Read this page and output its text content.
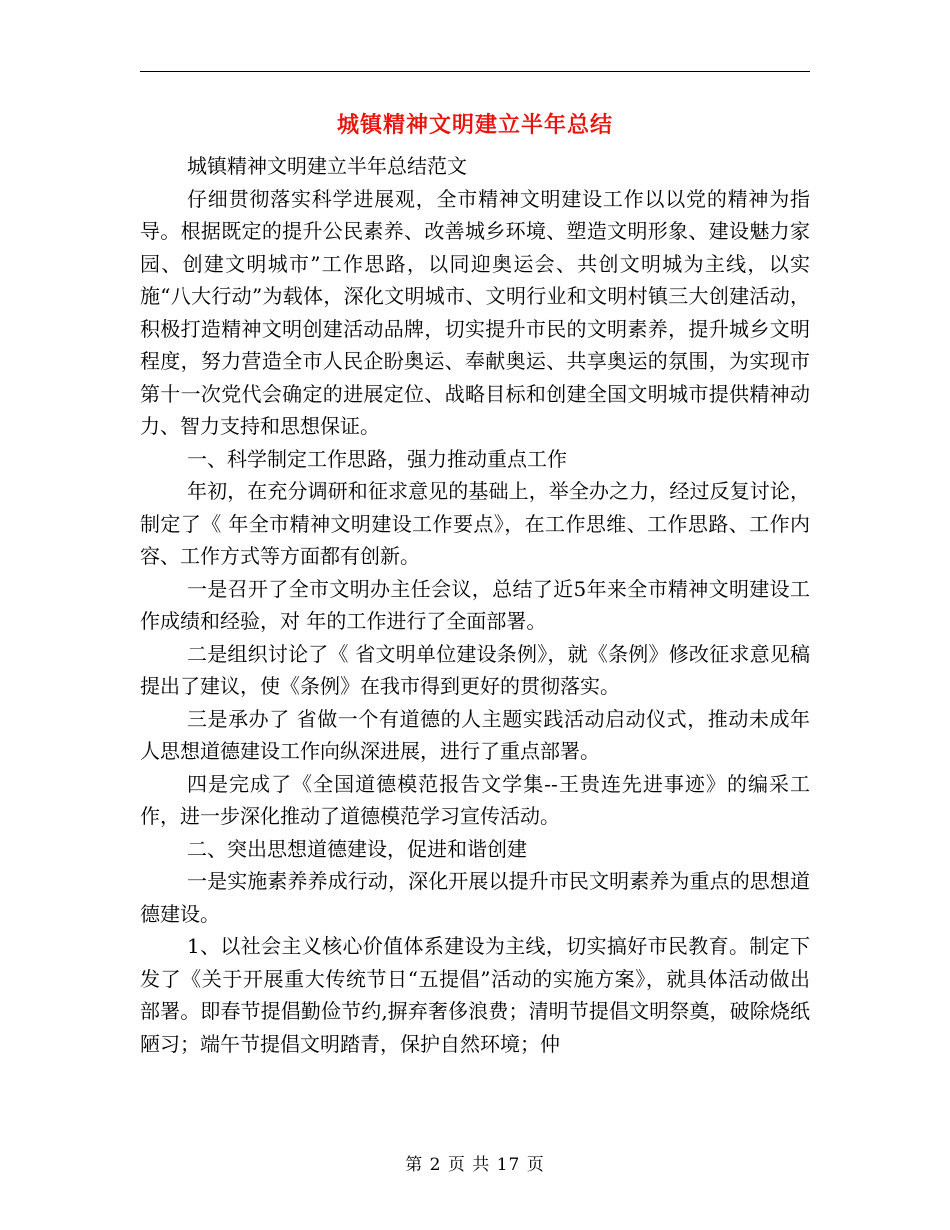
城镇精神文明建立半年总结

城镇精神文明建立半年总结范文

仔细贯彻落实科学进展观，全市精神文明建设工作以以党的精神为指导。根据既定的提升公民素养、改善城乡环境、塑造文明形象、建设魅力家园、创建文明城市”工作思路，以同迎奥运会、共创文明城为主线，以实施“八大行动”为载体，深化文明城市、文明行业和文明村镇三大创建活动，积极打造精神文明创建活动品牌，切实提升市民的文明素养，提升城乡文明程度，努力营造全市人民企盼奥运、奉献奥运、共享奥运的氛围，为实现市第十一次党代会确定的进展定位、战略目标和创建全国文明城市提供精神动力、智力支持和思想保证。

一、科学制定工作思路，强力推动重点工作

年初，在充分调研和征求意见的基础上，举全办之力，经过反复讨论，制定了《 年全市精神文明建设工作要点》，在工作思维、工作思路、工作内容、工作方式等方面都有创新。

一是召开了全市文明办主任会议，总结了近5年来全市精神文明建设工作成绩和经验，对 年的工作进行了全面部署。

二是组织讨论了《 省文明单位建设条例》，就《条例》修改征求意见稿提出了建议，使《条例》在我市得到更好的贯彻落实。

三是承办了 省做一个有道德的人主题实践活动启动仪式，推动未成年人思想道德建设工作向纵深进展，进行了重点部署。

四是完成了《全国道德模范报告文学集--王贵连先进事迹》的编采工作，进一步深化推动了道德模范学习宣传活动。

二、突出思想道德建设，促进和谐创建

一是实施素养养成行动，深化开展以提升市民文明素养为重点的思想道德建设。

1、以社会主义核心价值体系建设为主线，切实搞好市民教育。制定下发了《关于开展重大传统节日“五提倡”活动的实施方案》，就具体活动做出部署。即春节提倡勤俭节约,摒弃奢侈浪费；清明节提倡文明祭奠，破除烧纸陋习；端午节提倡文明踏青，保护自然环境；仲

第 2 页 共 17 页
